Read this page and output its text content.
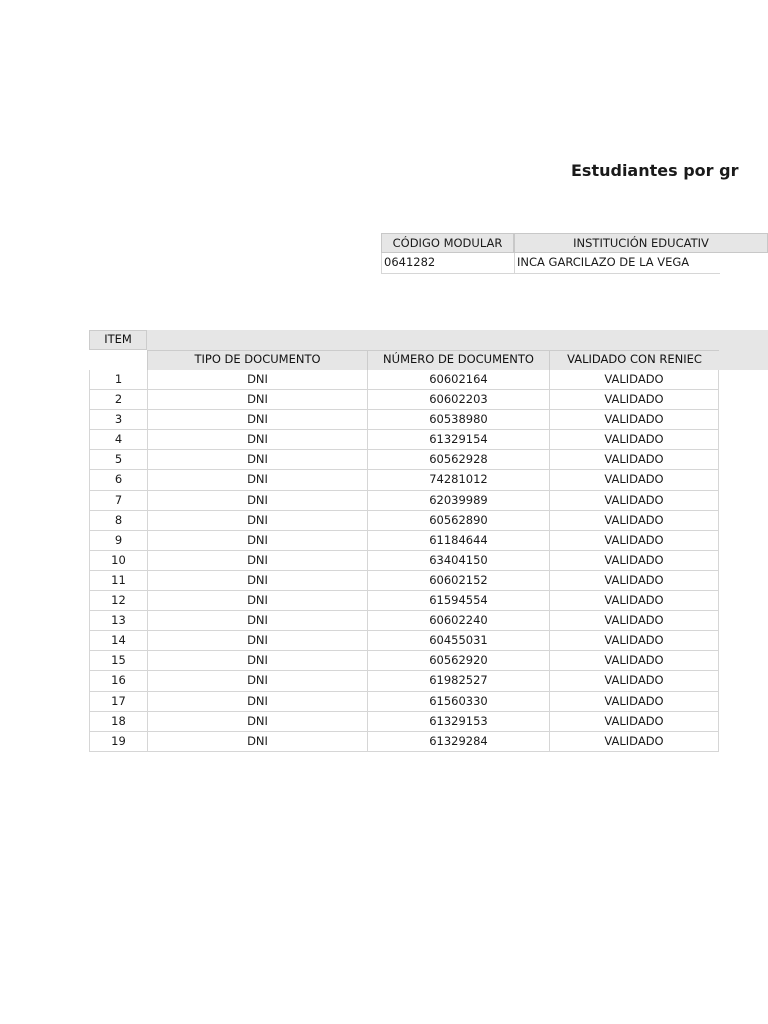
Estudiantes por gr
CÓDIGO MODULAR	INSTITUCIÓN EDUCATIV
0641282	INCA GARCILAZO DE LA VEGA
ITEM
TIPO DE DOCUMENTO	NÚMERO DE DOCUMENTO	VALIDADO CON RENIEC
1	DNI	60602164	VALIDADO
2	DNI	60602203	VALIDADO
3	DNI	60538980	VALIDADO
4	DNI	61329154	VALIDADO
5	DNI	60562928	VALIDADO
6	DNI	74281012	VALIDADO
7	DNI	62039989	VALIDADO
8	DNI	60562890	VALIDADO
9	DNI	61184644	VALIDADO
10	DNI	63404150	VALIDADO
11	DNI	60602152	VALIDADO
12	DNI	61594554	VALIDADO
13	DNI	60602240	VALIDADO
14	DNI	60455031	VALIDADO
15	DNI	60562920	VALIDADO
16	DNI	61982527	VALIDADO
17	DNI	61560330	VALIDADO
18	DNI	61329153	VALIDADO
19	DNI	61329284	VALIDADO
